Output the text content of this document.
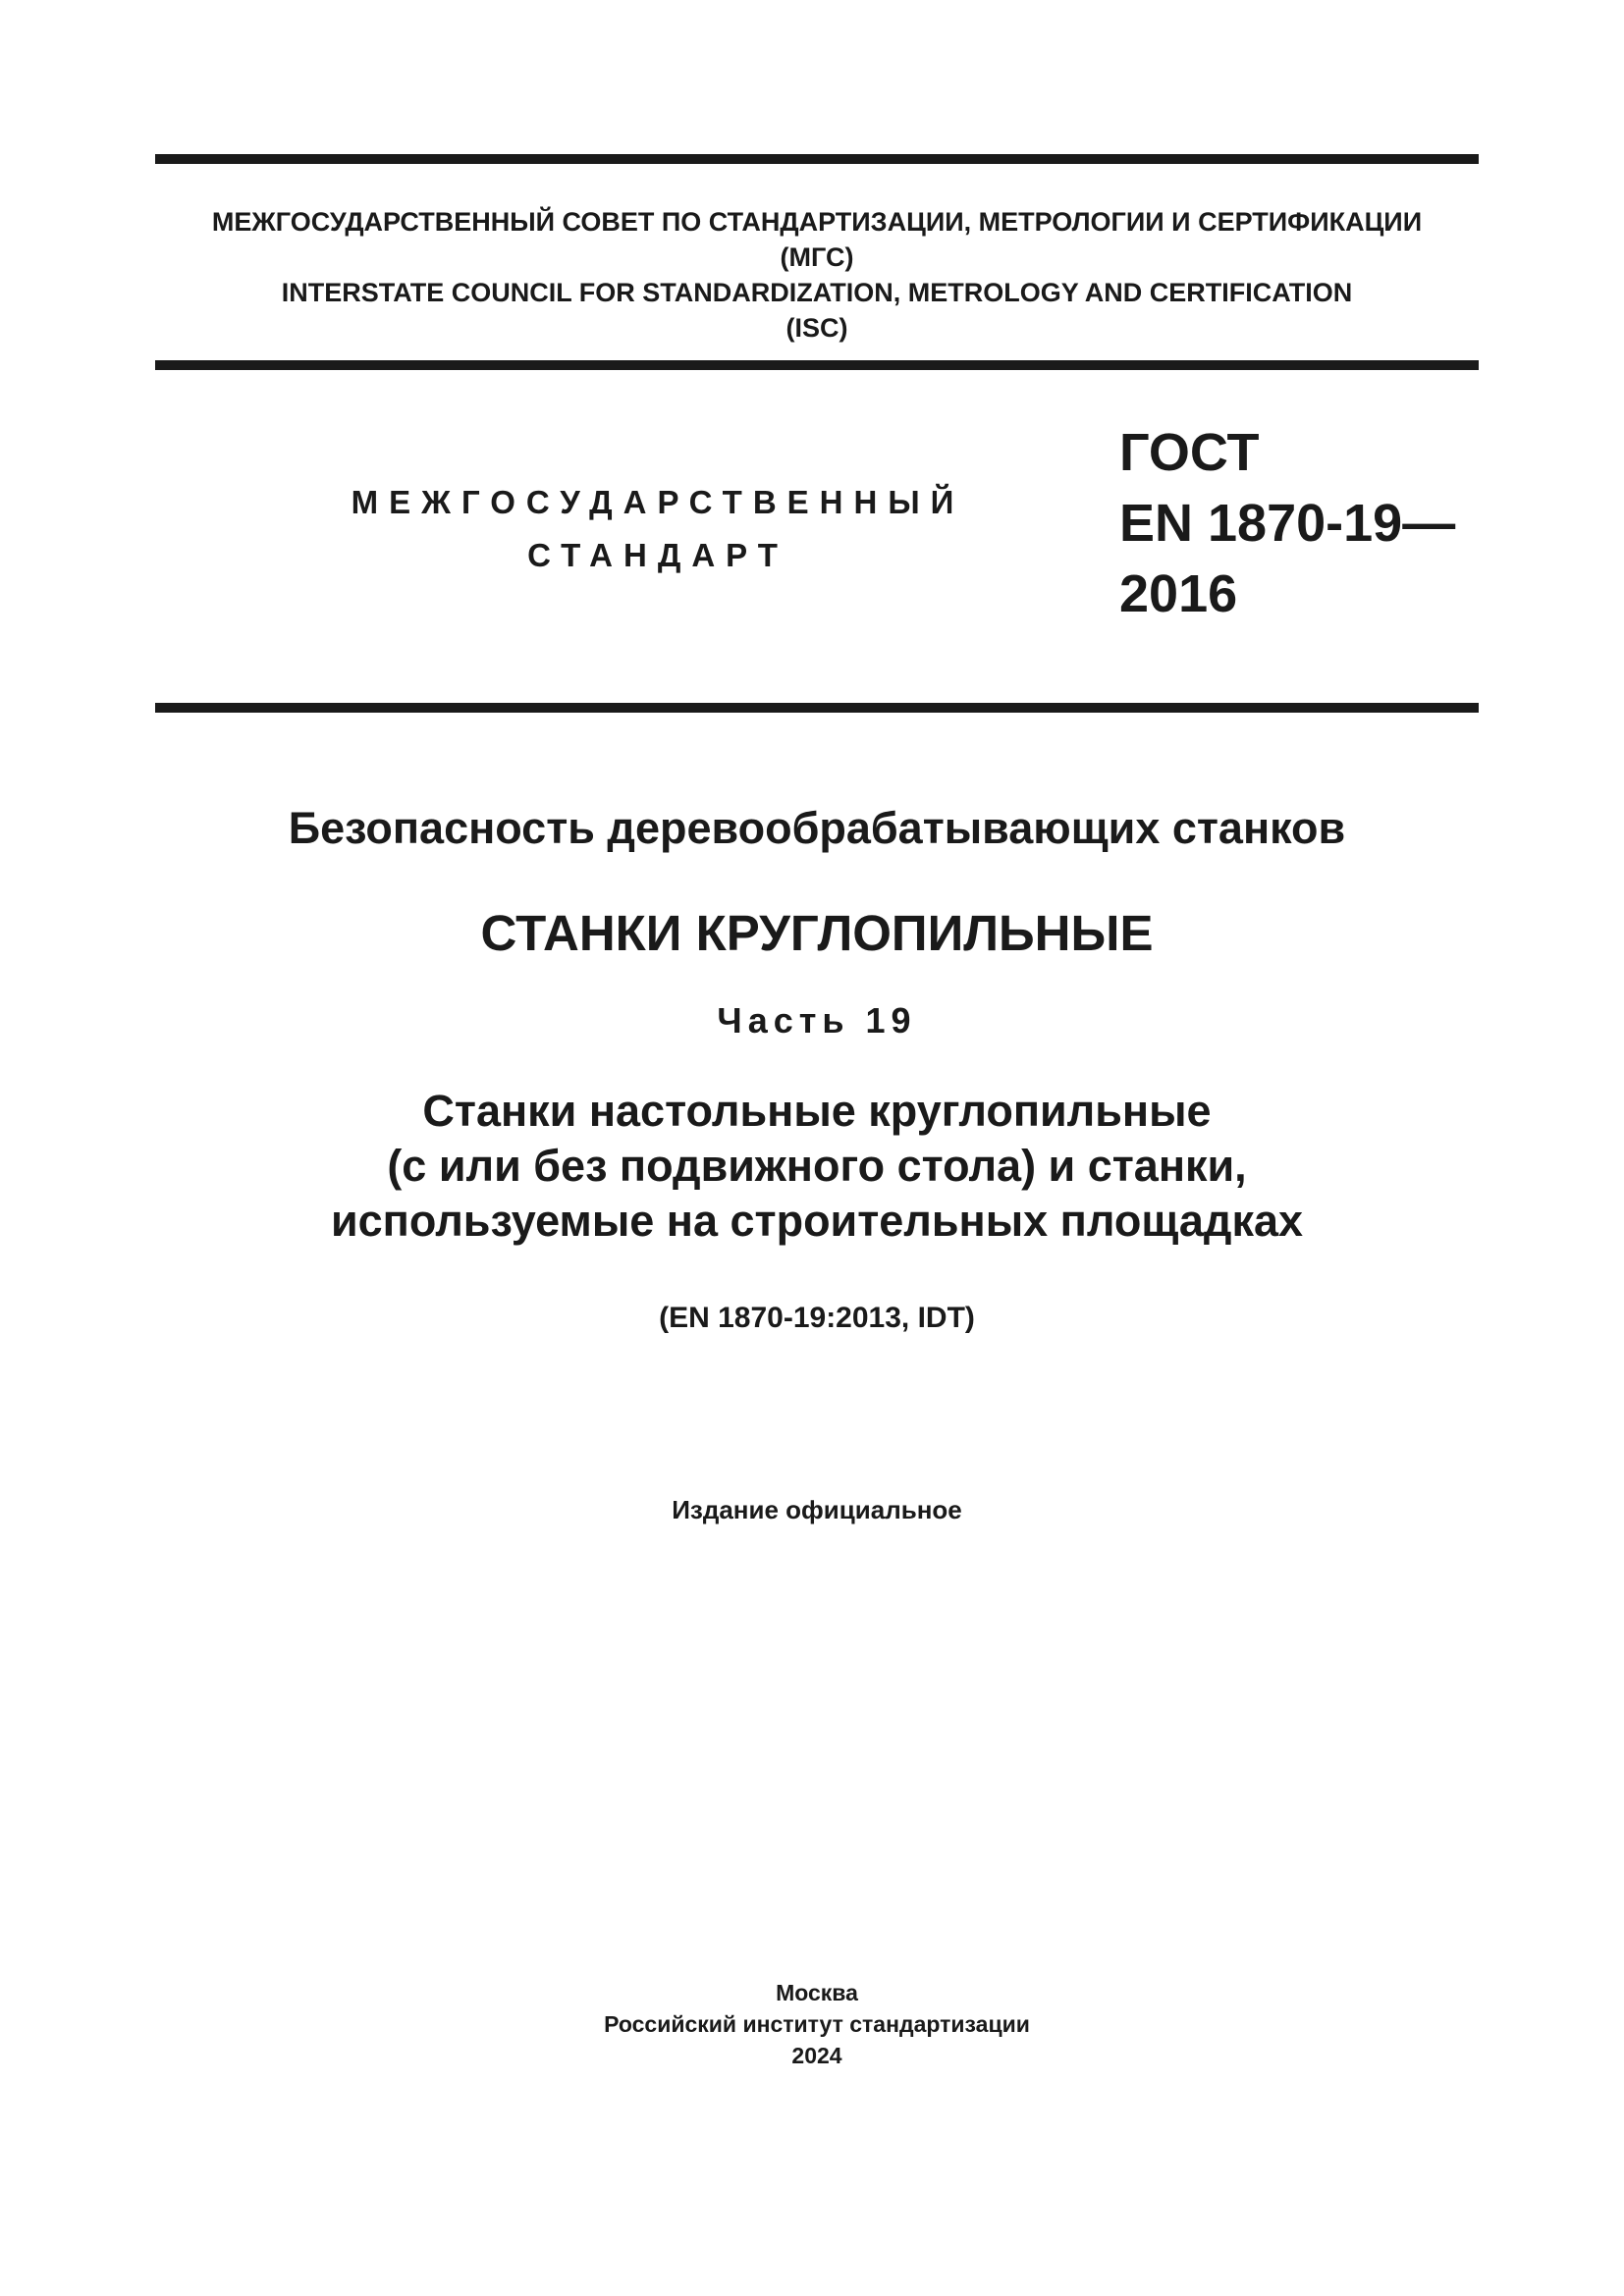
МЕЖГОСУДАРСТВЕННЫЙ СОВЕТ ПО СТАНДАРТИЗАЦИИ, МЕТРОЛОГИИ И СЕРТИФИКАЦИИ
(МГС)
INTERSTATE COUNCIL FOR STANDARDIZATION, METROLOGY AND CERTIFICATION
(ISC)
МЕЖГОСУДАРСТВЕННЫЙ
СТАНДАРТ
ГОСТ
EN 1870-19—
2016
Безопасность деревообрабатывающих станков
СТАНКИ КРУГЛОПИЛЬНЫЕ
Часть 19
Станки настольные круглопильные
(с или без подвижного стола) и станки,
используемые на строительных площадках
(EN 1870-19:2013, IDT)
Издание официальное
Москва
Российский институт стандартизации
2024
